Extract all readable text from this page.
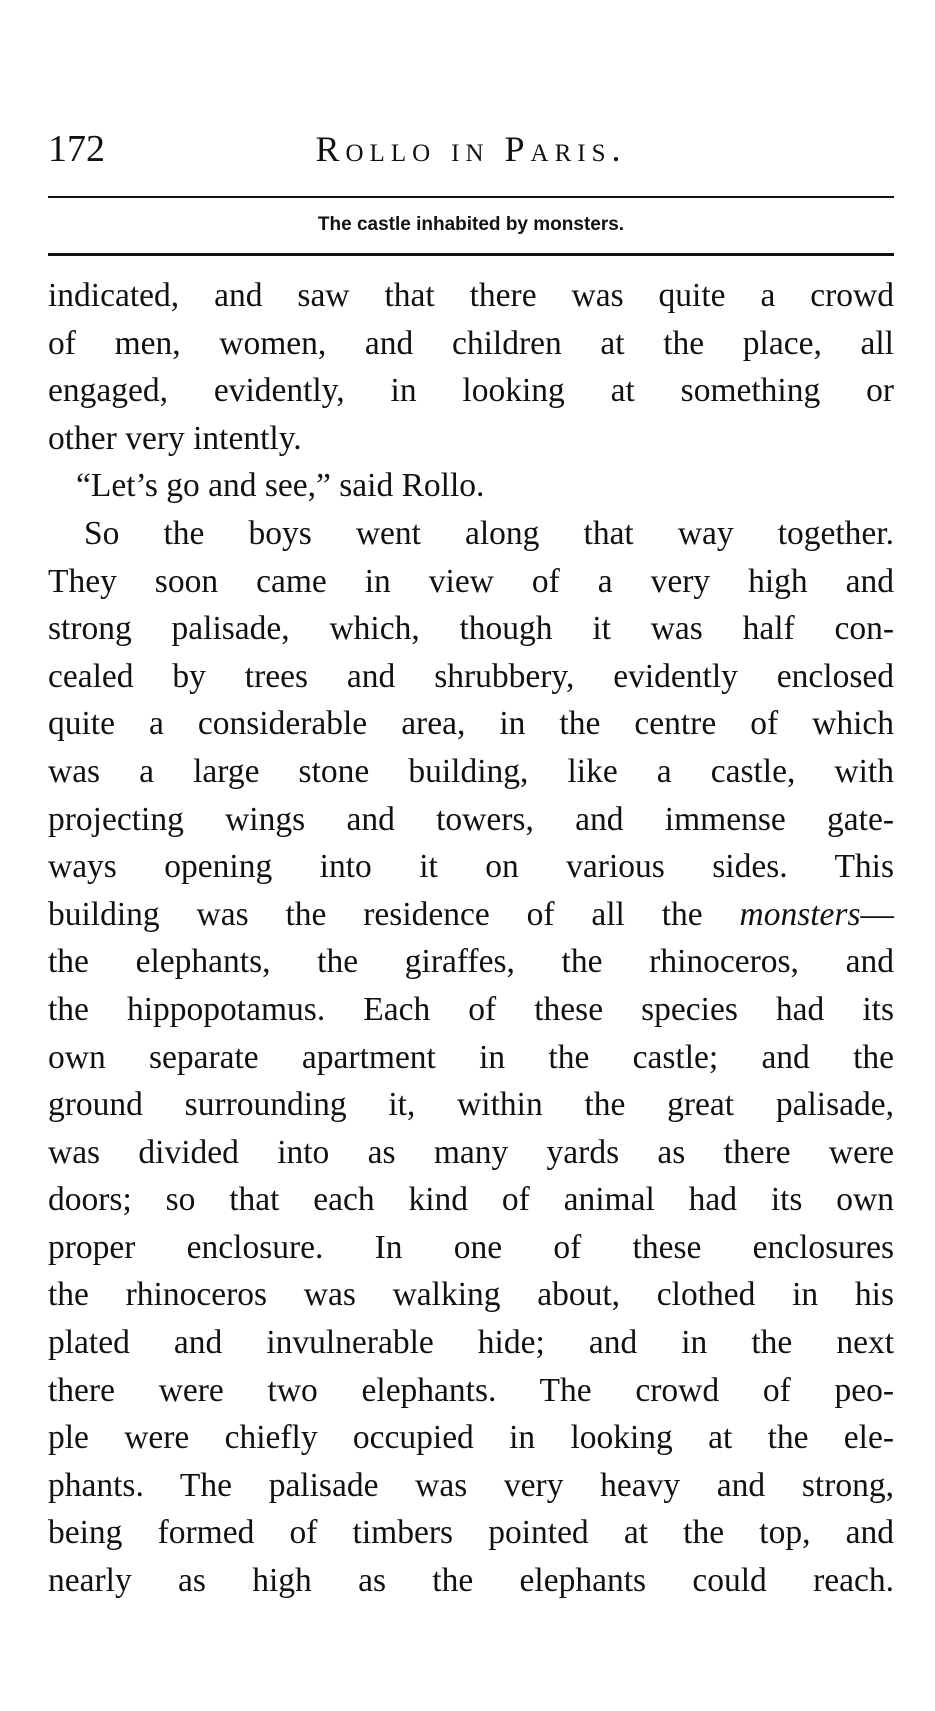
172	Rollo in Paris.
The castle inhabited by monsters.
indicated, and saw that there was quite a crowd
of men, women, and children at the place, all
engaged, evidently, in looking at something or
other very intently.
“Let’s go and see,” said Rollo.
So the boys went along that way together.
They soon came in view of a very high and
strong palisade, which, though it was half con-
cealed by trees and shrubbery, evidently enclosed
quite a considerable area, in the centre of which
was a large stone building, like a castle, with
projecting wings and towers, and immense gate-
ways opening into it on various sides. This
building was the residence of all the monsters—
the elephants, the giraffes, the rhinoceros, and
the hippopotamus. Each of these species had its
own separate apartment in the castle; and the
ground surrounding it, within the great palisade,
was divided into as many yards as there were
doors; so that each kind of animal had its own
proper enclosure. In one of these enclosures
the rhinoceros was walking about, clothed in his
plated and invulnerable hide; and in the next
there were two elephants. The crowd of peo-
ple were chiefly occupied in looking at the ele-
phants. The palisade was very heavy and strong,
being formed of timbers pointed at the top, and
nearly as high as the elephants could reach.
